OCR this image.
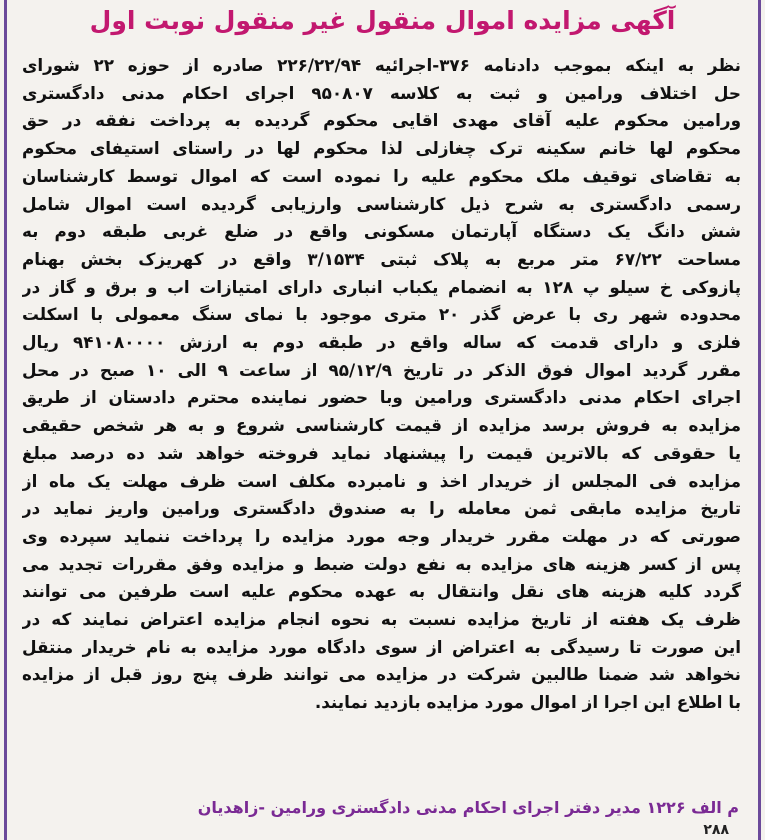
آگهی مزایده اموال منقول غیر منقول نوبت اول
نظر به اینکه بموجب دادنامه ۳۷۶-اجرائیه ۲۲۶/۲۲/۹۴ صادره از حوزه ۲۲ شورای
حل اختلاف ورامین و ثبت به کلاسه ۹۵۰۸۰۷ اجرای احکام مدنی دادگستری
ورامین محکوم علیه آقای مهدی اقایی محکوم گردیده به پرداخت نفقه در حق
محکوم لها خانم سکینه ترک چغازلی لذا محکوم لها در راستای استیفای محکوم
به تقاضای توقیف ملک محکوم علیه را نموده است که اموال توسط کارشناسان
رسمی دادگستری به شرح ذیل کارشناسی وارزیابی گردیده است اموال شامل
شش دانگ یک دستگاه آپارتمان مسکونی واقع در ضلع غربی طبقه دوم به
مساحت ۶۷/۲۲ متر مربع به پلاک ثبتی ۳/۱۵۳۴ واقع در کهریزک بخش بهنام
پازوکی خ سیلو پ ۱۲۸ به انضمام یکباب انباری دارای امتیازات اب و برق و گاز در
محدوده شهر ری با عرض گذر ۲۰ متری موجود با نمای سنگ معمولی با اسکلت
فلزی و دارای قدمت که ساله واقع در طبقه دوم به ارزش ۹۴۱۰۸۰۰۰۰ ریال
مقرر گردید اموال فوق الذکر در تاریخ ۹۵/۱۲/۹ از ساعت ۹ الی ۱۰ صبح در محل
اجرای احکام مدنی دادگستری ورامین وبا حضور نماینده محترم دادستان از طریق
مزایده به فروش برسد مزایده از قیمت کارشناسی شروع و به هر شخص حقیقی
یا حقوقی که بالاترین قیمت را پیشنهاد نماید فروخته خواهد شد ده درصد مبلغ
مزایده فی المجلس از خریدار اخذ و نامبرده مکلف است ظرف مهلت یک ماه از
تاریخ مزایده مابقی ثمن معامله را به صندوق دادگستری ورامین واریز نماید در
صورتی که در مهلت مقرر خریدار وجه مورد مزایده را پرداخت ننماید سپرده وی
پس از کسر هزینه های مزایده به نفع دولت ضبط و مزایده وفق مقررات تجدید می
گردد کلیه هزینه های نقل وانتقال به عهده محکوم علیه است طرفین می توانند
ظرف یک هفته از تاریخ مزایده نسبت به نحوه انجام مزایده اعتراض نمایند که در
این صورت تا رسیدگی به اعتراض از سوی دادگاه مورد مزایده به نام خریدار منتقل
نخواهد شد ضمنا طالبین شرکت در مزایده می توانند ظرف پنج روز قبل از مزایده
با اطلاع این اجرا از اموال مورد مزایده بازدید نمایند.
م الف ۱۲۲۶ مدیر دفتر اجرای احکام مدنی دادگستری ورامین -زاهدیان
۲۸۸
